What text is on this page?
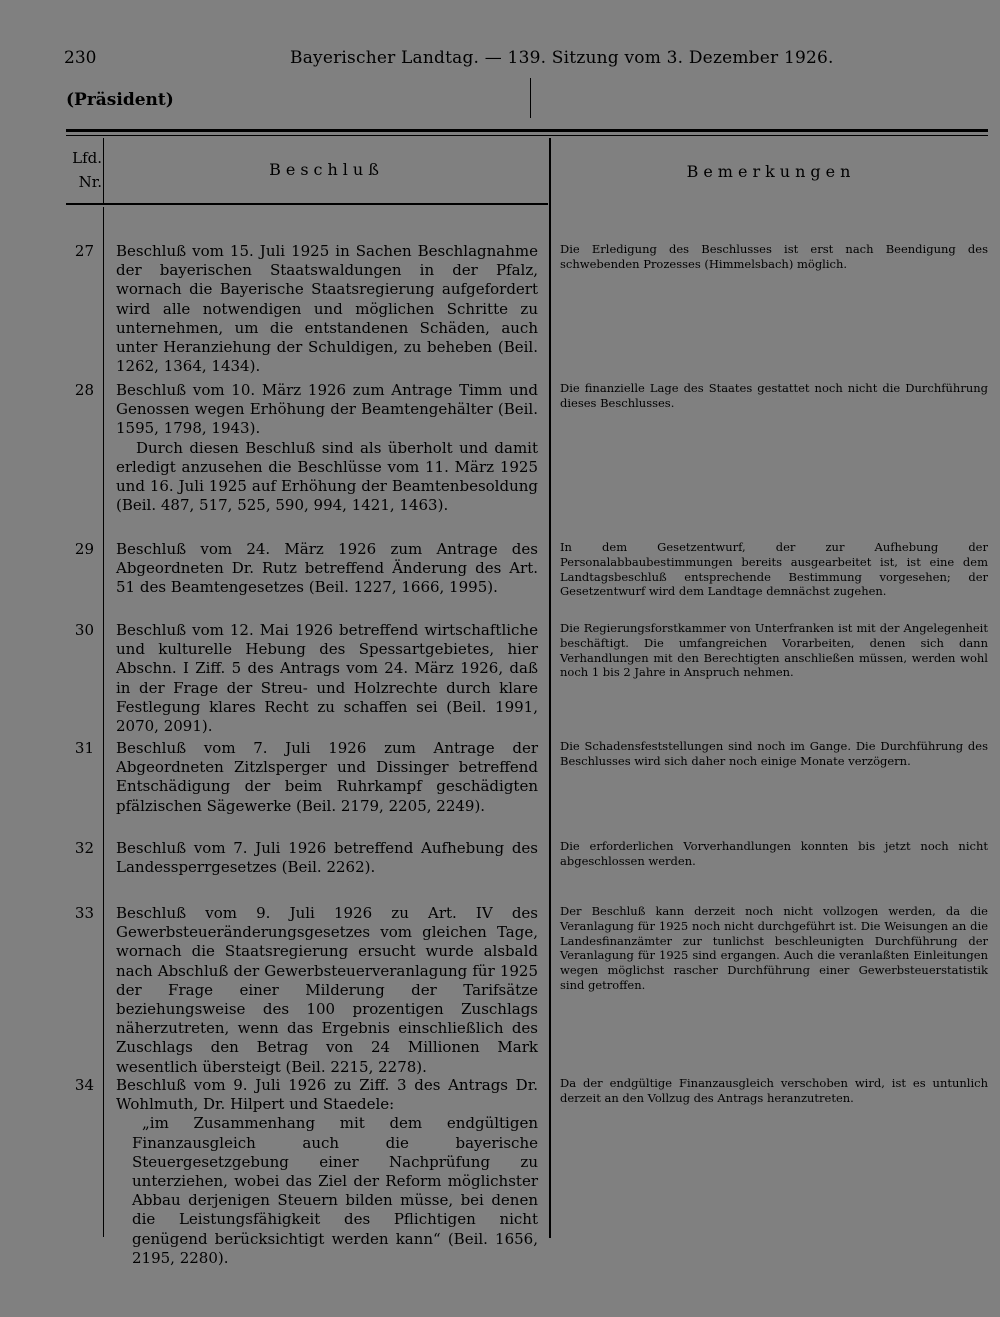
230	Bayerischer Landtag. — 139. Sitzung vom 3. Dezember 1926.
(Präsident)
Lfd.
Nr.
Beschluß	Bemerkungen
27 Beschluß vom 15. Juli 1925 in Sachen Beschlagnahme der bayerischen Staatswaldungen in der Pfalz, wornach die Bayerische Staatsregierung aufgefordert wird alle notwendigen und möglichen Schritte zu unternehmen, um die entstandenen Schäden, auch unter Heranziehung der Schuldigen, zu beheben (Beil. 1262, 1364, 1434).

Die Erledigung des Beschlusses ist erst nach Beendigung des schwebenden Prozesses (Himmelsbach) möglich.
28 Beschluß vom 10. März 1926 zum Antrage Timm und Genossen wegen Erhöhung der Beamtengehälter (Beil. 1595, 1798, 1943).

Durch diesen Beschluß sind als überholt und damit erledigt anzusehen die Beschlüsse vom 11. März 1925 und 16. Juli 1925 auf Erhöhung der Beamtenbesoldung (Beil. 487, 517, 525, 590, 994, 1421, 1463).

Die finanzielle Lage des Staates gestattet noch nicht die Durchführung dieses Beschlusses.
29 Beschluß vom 24. März 1926 zum Antrage des Abgeordneten Dr. Rutz betreffend Änderung des Art. 51 des Beamtengesetzes (Beil. 1227, 1666, 1995).

In dem Gesetzentwurf, der zur Aufhebung der Personalabbaubestimmungen bereits ausgearbeitet ist, ist eine dem Landtagsbeschluß entsprechende Bestimmung vorgesehen; der Gesetzentwurf wird dem Landtage demnächst zugehen.
30 Beschluß vom 12. Mai 1926 betreffend wirtschaftliche und kulturelle Hebung des Spessartgebietes, hier Abschn. I Ziff. 5 des Antrags vom 24. März 1926, daß in der Frage der Streu- und Holzrechte durch klare Festlegung klares Recht zu schaffen sei (Beil. 1991, 2070, 2091).

Die Regierungsforstkammer von Unterfranken ist mit der Angelegenheit beschäftigt. Die umfangreichen Vorarbeiten, denen sich dann Verhandlungen mit den Berechtigten anschließen müssen, werden wohl noch 1 bis 2 Jahre in Anspruch nehmen.
31 Beschluß vom 7. Juli 1926 zum Antrage der Abgeordneten Zitzlsperger und Dissinger betreffend Entschädigung der beim Ruhrkampf geschädigten pfälzischen Sägewerke (Beil. 2179, 2205, 2249).

Die Schadensfeststellungen sind noch im Gange. Die Durchführung des Beschlusses wird sich daher noch einige Monate verzögern.
32 Beschluß vom 7. Juli 1926 betreffend Aufhebung des Landessperrgesetzes (Beil. 2262).

Die erforderlichen Vorverhandlungen konnten bis jetzt noch nicht abgeschlossen werden.
33 Beschluß vom 9. Juli 1926 zu Art. IV des Gewerbsteueränderungsgesetzes vom gleichen Tage, wornach die Staatsregierung ersucht wurde alsbald nach Abschluß der Gewerbsteuerveranlagung für 1925 der Frage einer Milderung der Tarifsätze beziehungsweise des 100 prozentigen Zuschlags näherzutreten, wenn das Ergebnis einschließlich des Zuschlags den Betrag von 24 Millionen Mark wesentlich übersteigt (Beil. 2215, 2278).

Der Beschluß kann derzeit noch nicht vollzogen werden, da die Veranlagung für 1925 noch nicht durchgeführt ist. Die Weisungen an die Landesfinanzämter zur tunlichst beschleunigten Durchführung der Veranlagung für 1925 sind ergangen. Auch die veranlaßten Einleitungen wegen möglichst rascher Durchführung einer Gewerbsteuerstatistik sind getroffen.
34 Beschluß vom 9. Juli 1926 zu Ziff. 3 des Antrags Dr. Wohlmuth, Dr. Hilpert und Staedele:

„im Zusammenhang mit dem endgültigen Finanzausgleich auch die bayerische Steuergesetzgebung einer Nachprüfung zu unterziehen, wobei das Ziel der Reform möglichster Abbau derjenigen Steuern bilden müsse, bei denen die Leistungsfähigkeit des Pflichtigen nicht genügend berücksichtigt werden kann“ (Beil. 1656, 2195, 2280).

Da der endgültige Finanzausgleich verschoben wird, ist es untunlich derzeit an den Vollzug des Antrags heranzutreten.
